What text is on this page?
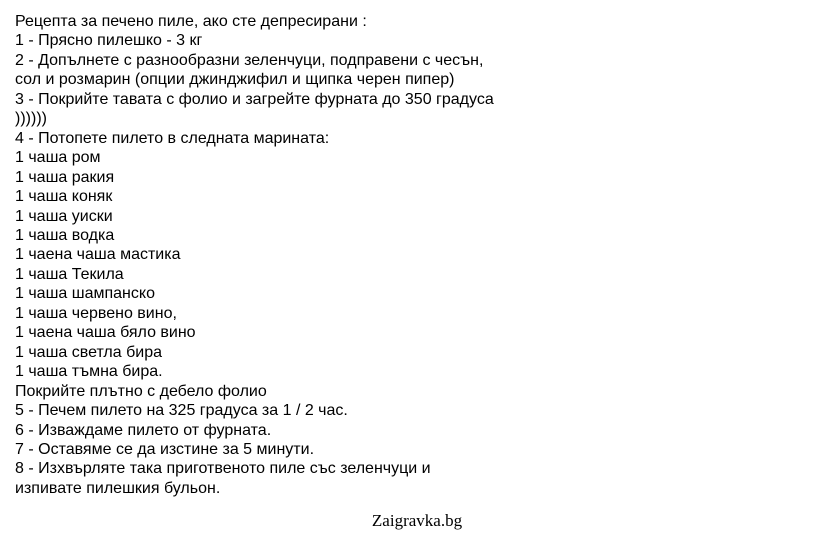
Рецепта за печено пиле, ако сте депресирани :
1 - Прясно пилешко - 3 кг
2 - Допълнете с разнообразни зеленчуци, подправени с чесън,
сол и розмарин (опции джинджифил и щипка черен пипер)
3 - Покрийте тавата с фолио и загрейте фурната до 350 градуса
))))))
4 - Потопете пилето в следната марината:
1 чаша ром
1 чаша ракия
1 чаша коняк
1 чаша уиски
1 чаша водка
1 чаена чаша мастика
1 чаша Текила
1 чаша шампанско
1 чаша червено вино,
1 чаена чаша бяло вино
1 чаша светла бира
1 чаша тъмна бира.
Покрийте плътно с дебело фолио
5 - Печем пилето на 325 градуса за 1 / 2 час.
6 - Изваждаме пилето от фурната.
7 - Оставяме се да изстине за 5 минути.
8 - Изхвърляте така приготвеното пиле със зеленчуци и
изпивате пилешкия бульон.
Zaigravka.bg
